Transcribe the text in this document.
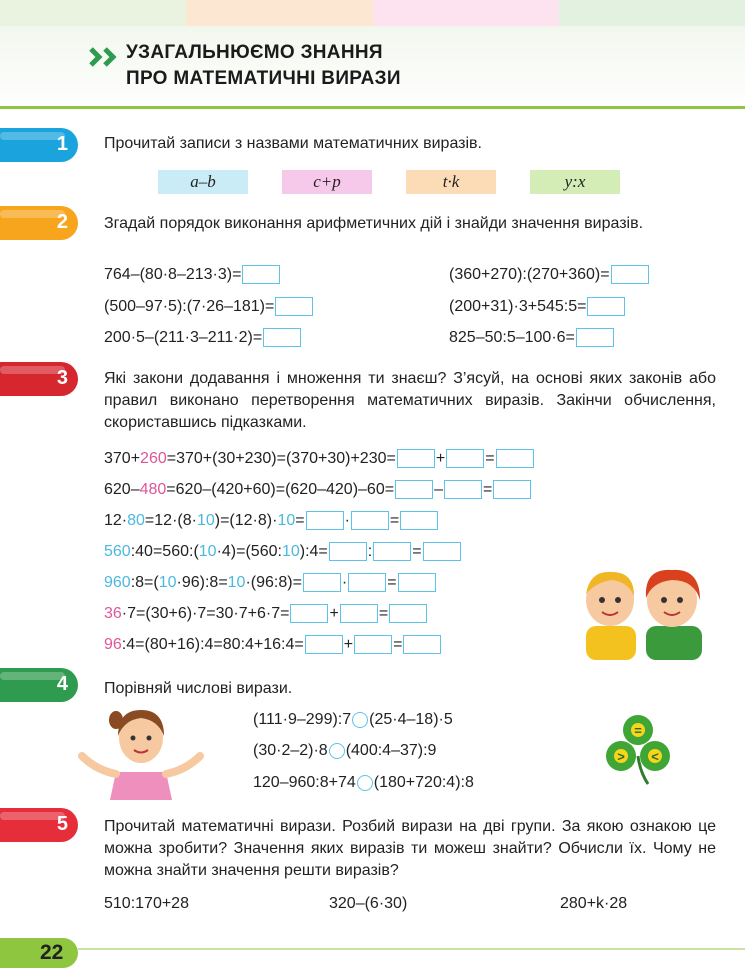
УЗАГАЛЬНЮЄМО ЗНАННЯ
ПРО МАТЕМАТИЧНІ ВИРАЗИ
1
2
3
4
5

Прочитай записи з назвами математичних виразів.

a–b	c+p	t·k	y:x

Згадай порядок виконання арифметичних дій і знайди значення виразів.

764–(80·8–213·3)=
(500–97·5):(7·26–181)=
200·5–(211·3–211·2)=
(360+270):(270+360)=
(200+31)·3+545:5=
825–50:5–100·6=

Які закони додавання і множення ти знаєш? З’ясуй, на основі яких законів або правил виконано перетворення математичних виразів. Закінчи обчислення, скориставшись підказками.

370+260=370+(30+230)=(370+30)+230=	+	=
620–480=620–(420+60)=(620–420)–60=	–	=
12·80=12·(8·10)=(12·8)·10=	·	=
560:40=560:(10·4)=(560:10):4=	:	=
960:8=(10·96):8=10·(96:8)=	·	=
36·7=(30+6)·7=30·7+6·7=	+	=
96:4=(80+16):4=80:4+16:4=	+	=

Порівняй числові вирази.

(111·9–299):7 (25·4–18)·5
(30·2–2)·8 (400:4–37):9
120–960:8+74 (180+720:4):8
=
> <

Прочитай математичні вирази. Розбий вирази на дві групи. За якою ознакою це можна зробити? Значення яких виразів ти можеш знайти? Обчисли їх. Чому не можна знайти значення решти виразів?

510:170+28	320–(6·30)	280+k·28
22
